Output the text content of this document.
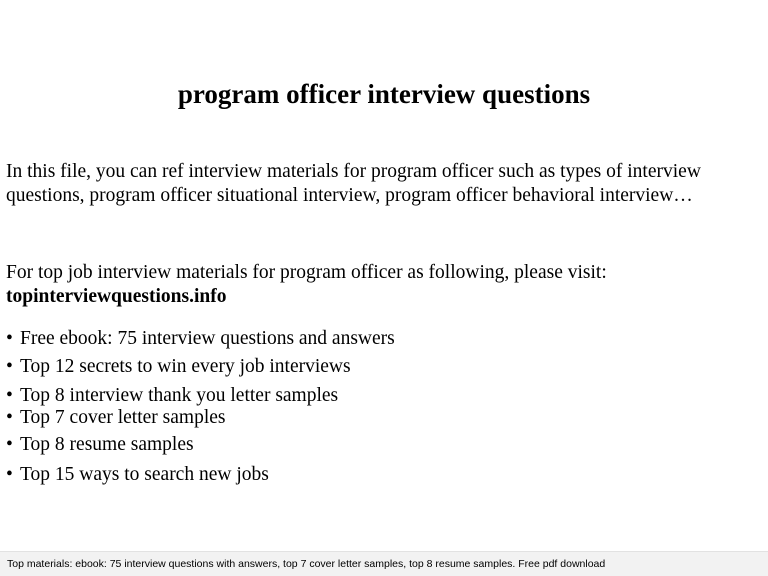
program officer interview questions

In this file, you can ref interview materials for program officer such as types of interview questions, program officer situational interview, program officer behavioral interview…

For top job interview materials for program officer as following, please visit:
topinterviewquestions.info

• Free ebook: 75 interview questions and answers
• Top 12 secrets to win every job interviews
• Top 8 interview thank you letter samples
• Top 7 cover letter samples
• Top 8 resume samples
• Top 15 ways to search new jobs
Top materials: ebook: 75 interview questions with answers, top 7 cover letter samples, top 8 resume samples. Free pdf download
